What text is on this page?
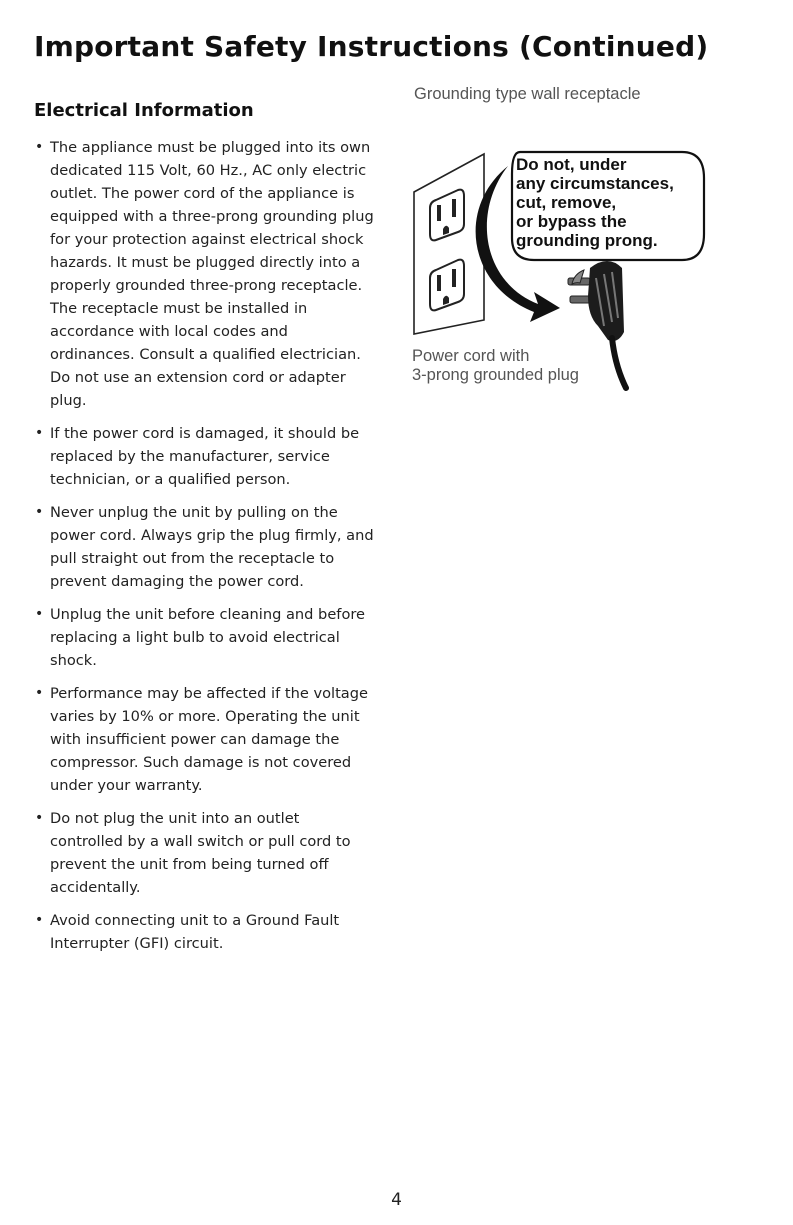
Important Safety Instructions (Continued)
Electrical Information
• The appliance must be plugged into its own dedicated 115 Volt, 60 Hz., AC only electric outlet. The power cord of the appliance is equipped with a three-prong grounding plug for your protection against electrical shock hazards. It must be plugged directly into a properly grounded three-prong receptacle. The receptacle must be installed in accordance with local codes and ordinances. Consult a qualified electrician. Do not use an extension cord or adapter plug.
• If the power cord is damaged, it should be replaced by the manufacturer, service technician, or a qualified person.
• Never unplug the unit by pulling on the power cord. Always grip the plug firmly, and pull straight out from the receptacle to prevent damaging the power cord.
• Unplug the unit before cleaning and before replacing a light bulb to avoid electrical shock.
• Performance may be affected if the voltage varies by 10% or more. Operating the unit with insufficient power can damage the compressor. Such damage is not covered under your warranty.
• Do not plug the unit into an outlet controlled by a wall switch or pull cord to prevent the unit from being turned off accidentally.
• Avoid connecting unit to a Ground Fault Interrupter (GFI) circuit.
Grounding type wall receptacle
Do not, under
any circumstances,
cut, remove,
or bypass the
grounding prong.
Power cord with
3-prong grounded plug
4
